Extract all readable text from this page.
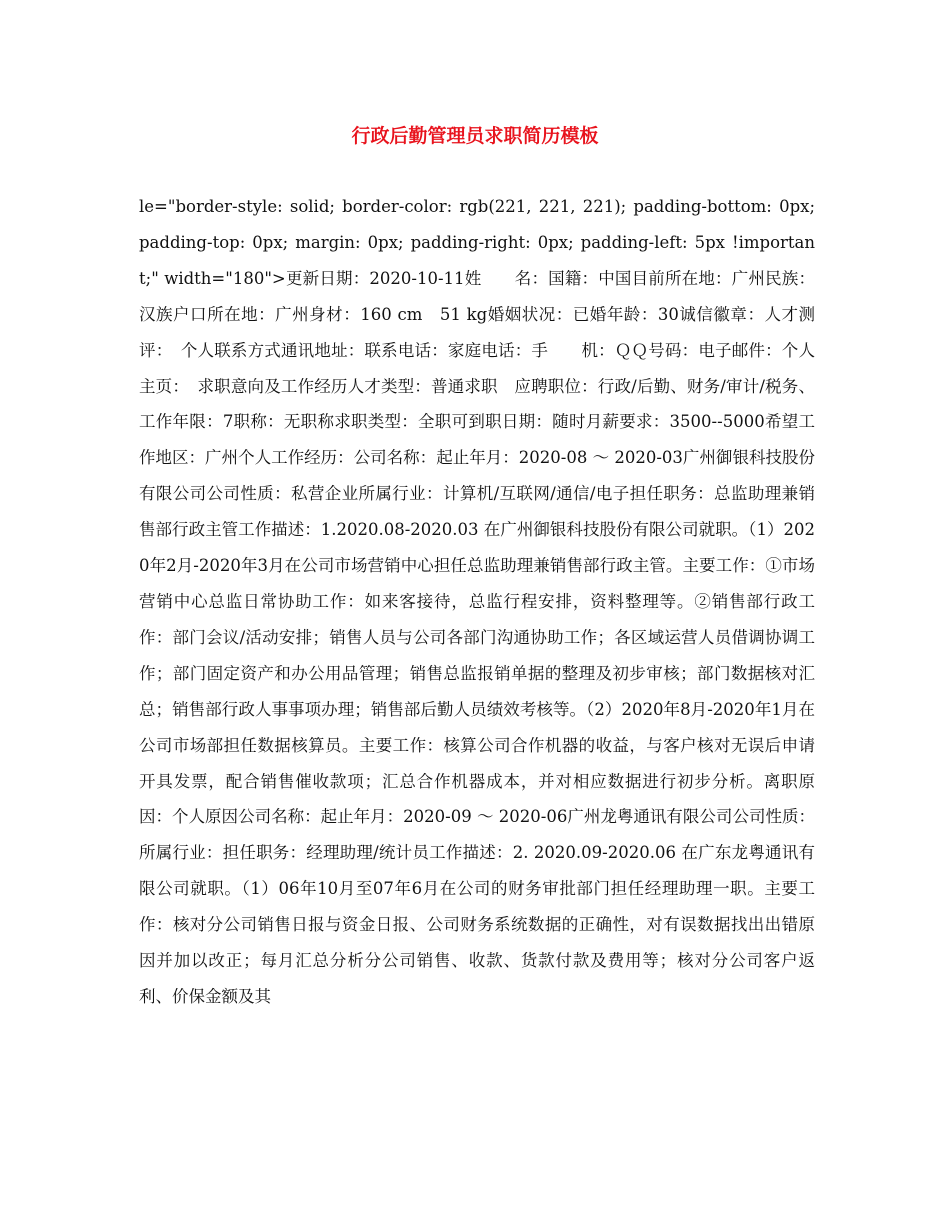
行政后勤管理员求职简历模板

le="border-style: solid; border-color: rgb(221, 221, 221); padding-bottom: 0px; padding-top: 0px; margin: 0px; padding-right: 0px; padding-left: 5px !important;" width="180">更新日期：2020-10-11姓　　名：国籍：中国目前所在地：广州民族：汉族户口所在地：广州身材：160 cm　51 kg婚姻状况：已婚年龄：30诚信徽章：人才测评：　个人联系方式通讯地址：联系电话：家庭电话：手　　机：ＱＱ号码：电子邮件：个人主页：　求职意向及工作经历人才类型：普通求职　应聘职位：行政/后勤、财务/审计/税务、工作年限：7职称：无职称求职类型：全职可到职日期：随时月薪要求：3500--5000希望工作地区：广州个人工作经历：公司名称：起止年月：2020-08 ～ 2020-03广州御银科技股份有限公司公司性质：私营企业所属行业：计算机/互联网/通信/电子担任职务：总监助理兼销售部行政主管工作描述：1.2020.08-2020.03 在广州御银科技股份有限公司就职。（1）2020年2月-2020年3月在公司市场营销中心担任总监助理兼销售部行政主管。主要工作：①市场营销中心总监日常协助工作：如来客接待，总监行程安排，资料整理等。②销售部行政工作：部门会议/活动安排；销售人员与公司各部门沟通协助工作；各区域运营人员借调协调工作；部门固定资产和办公用品管理；销售总监报销单据的整理及初步审核；部门数据核对汇总；销售部行政人事事项办理；销售部后勤人员绩效考核等。（2）2020年8月-2020年1月在公司市场部担任数据核算员。主要工作：核算公司合作机器的收益，与客户核对无误后申请开具发票，配合销售催收款项；汇总合作机器成本，并对相应数据进行初步分析。离职原因：个人原因公司名称：起止年月：2020-09 ～ 2020-06广州龙粤通讯有限公司公司性质：所属行业：担任职务：经理助理/统计员工作描述：2. 2020.09-2020.06 在广东龙粤通讯有限公司就职。（1）06年10月至07年6月在公司的财务审批部门担任经理助理一职。主要工作：核对分公司销售日报与资金日报、公司财务系统数据的正确性，对有误数据找出出错原因并加以改正；每月汇总分析分公司销售、收款、货款付款及费用等；核对分公司客户返利、价保金额及其
